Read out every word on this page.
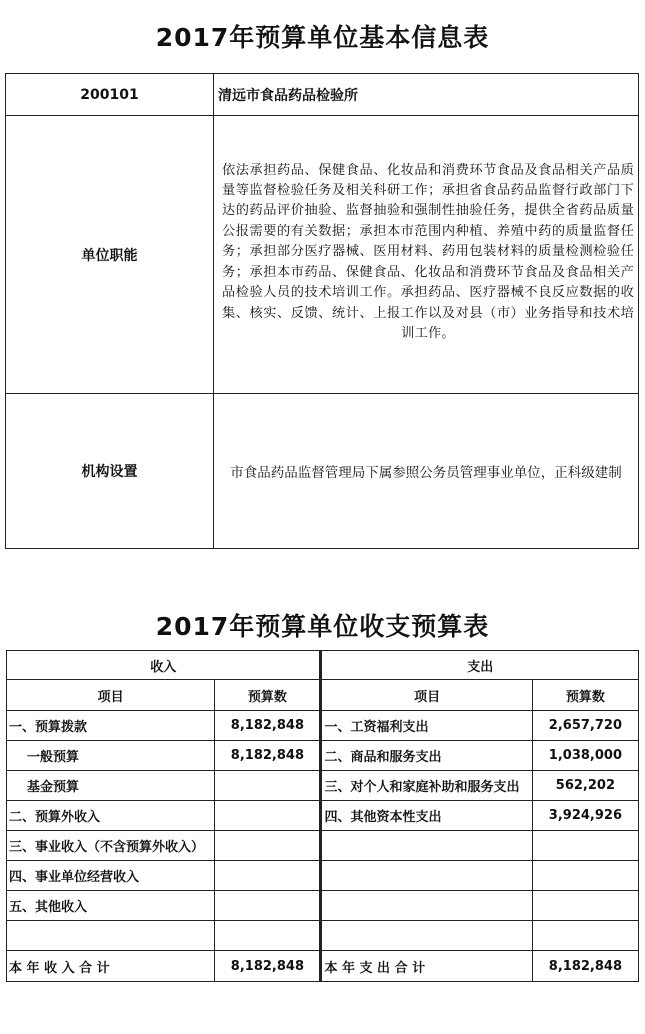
2017年预算单位基本信息表
200101	清远市食品药品检验所
单位职能	依法承担药品、保健食品、化妆品和消费环节食品及食品相关产品质量等监督检验任务及相关科研工作；承担省食品药品监督行政部门下达的药品评价抽验、监督抽验和强制性抽验任务，提供全省药品质量公报需要的有关数据；承担本市范围内种植、养殖中药的质量监督任务；承担部分医疗器械、医用材料、药用包装材料的质量检测检验任务；承担本市药品、保健食品、化妆品和消费环节食品及食品相关产品检验人员的技术培训工作。承担药品、医疗器械不良反应数据的收集、核实、反馈、统计、上报工作以及对县（市）业务指导和技术培训工作。

机构设置	市食品药品监督管理局下属参照公务员管理事业单位，正科级建制
2017年预算单位收支预算表
收入		支出	
项目	预算数	项目	预算数
一、预算拨款	8,182,848	一、工资福利支出	2,657,720
一般预算	8,182,848	二、商品和服务支出	1,038,000
基金预算		三、对个人和家庭补助和服务支出	562,202
二、预算外收入		四、其他资本性支出	3,924,926
三、事业收入（不含预算外收入）			
四、事业单位经营收入			
五、其他收入			

本 年 收 入 合 计	8,182,848	本 年 支 出 合 计	8,182,848
